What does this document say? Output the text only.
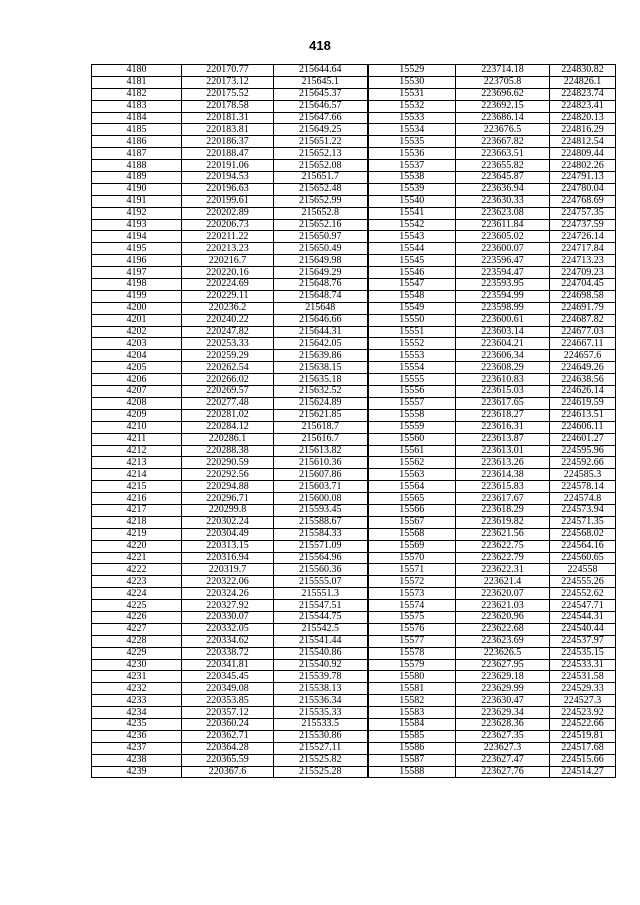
418
4180	220170.77	215644.64	15529	223714.18	224830.82
4181	220173.12	215645.1	15530	223705.8	224826.1
4182	220175.52	215645.37	15531	223696.62	224823.74
4183	220178.58	215646.57	15532	223692.15	224823.41
4184	220181.31	215647.66	15533	223686.14	224820.13
4185	220183.81	215649.25	15534	223676.5	224816.29
4186	220186.37	215651.22	15535	223667.82	224812.54
4187	220188.47	215652.13	15536	223663.51	224809.44
4188	220191.06	215652.08	15537	223655.82	224802.26
4189	220194.53	215651.7	15538	223645.87	224791.13
4190	220196.63	215652.48	15539	223636.94	224780.04
4191	220199.61	215652.99	15540	223630.33	224768.69
4192	220202.89	215652.8	15541	223623.08	224757.35
4193	220206.73	215652.16	15542	223611.84	224737.59
4194	220211.22	215650.97	15543	223605.02	224726.14
4195	220213.23	215650.49	15544	223600.07	224717.84
4196	220216.7	215649.98	15545	223596.47	224713.23
4197	220220.16	215649.29	15546	223594.47	224709.23
4198	220224.69	215648.76	15547	223593.95	224704.45
4199	220229.11	215648.74	15548	223594.99	224698.58
4200	220236.2	215648	15549	223598.99	224691.79
4201	220240.22	215646.66	15550	223600.61	224687.82
4202	220247.82	215644.31	15551	223603.14	224677.03
4203	220253.33	215642.05	15552	223604.21	224667.11
4204	220259.29	215639.86	15553	223606.34	224657.6
4205	220262.54	215638.15	15554	223608.29	224649.26
4206	220266.02	215635.18	15555	223610.83	224638.56
4207	220269.57	215632.52	15556	223615.03	224626.14
4208	220277.48	215624.89	15557	223617.65	224619.59
4209	220281.02	215621.85	15558	223618.27	224613.51
4210	220284.12	215618.7	15559	223616.31	224606.11
4211	220286.1	215616.7	15560	223613.87	224601.27
4212	220288.38	215613.82	15561	223613.01	224595.96
4213	220290.59	215610.36	15562	223613.26	224592.66
4214	220292.56	215607.86	15563	223614.38	224585.3
4215	220294.88	215603.71	15564	223615.83	224578.14
4216	220296.71	215600.08	15565	223617.67	224574.8
4217	220299.8	215593.45	15566	223618.29	224573.94
4218	220302.24	215588.67	15567	223619.82	224571.35
4219	220304.49	215584.33	15568	223621.56	224568.02
4220	220313.15	215571.09	15569	223622.75	224564.16
4221	220316.94	215564.96	15570	223622.79	224560.65
4222	220319.7	215560.36	15571	223622.31	224558
4223	220322.06	215555.07	15572	223621.4	224555.26
4224	220324.26	215551.3	15573	223620.07	224552.62
4225	220327.92	215547.51	15574	223621.03	224547.71
4226	220330.07	215544.75	15575	223620.96	224544.31
4227	220332.05	215542.5	15576	223622.68	224540.44
4228	220334.62	215541.44	15577	223623.69	224537.97
4229	220338.72	215540.86	15578	223626.5	224535.15
4230	220341.81	215540.92	15579	223627.95	224533.31
4231	220345.45	215539.78	15580	223629.18	224531.58
4232	220349.08	215538.13	15581	223629.99	224529.33
4233	220353.85	215536.34	15582	223630.47	224527.3
4234	220357.12	215535.33	15583	223629.34	224523.92
4235	220360.24	215533.5	15584	223628.36	224522.66
4236	220362.71	215530.86	15585	223627.35	224519.81
4237	220364.28	215527.11	15586	223627.3	224517.68
4238	220365.59	215525.82	15587	223627.47	224515.66
4239	220367.6	215525.28	15588	223627.76	224514.27
